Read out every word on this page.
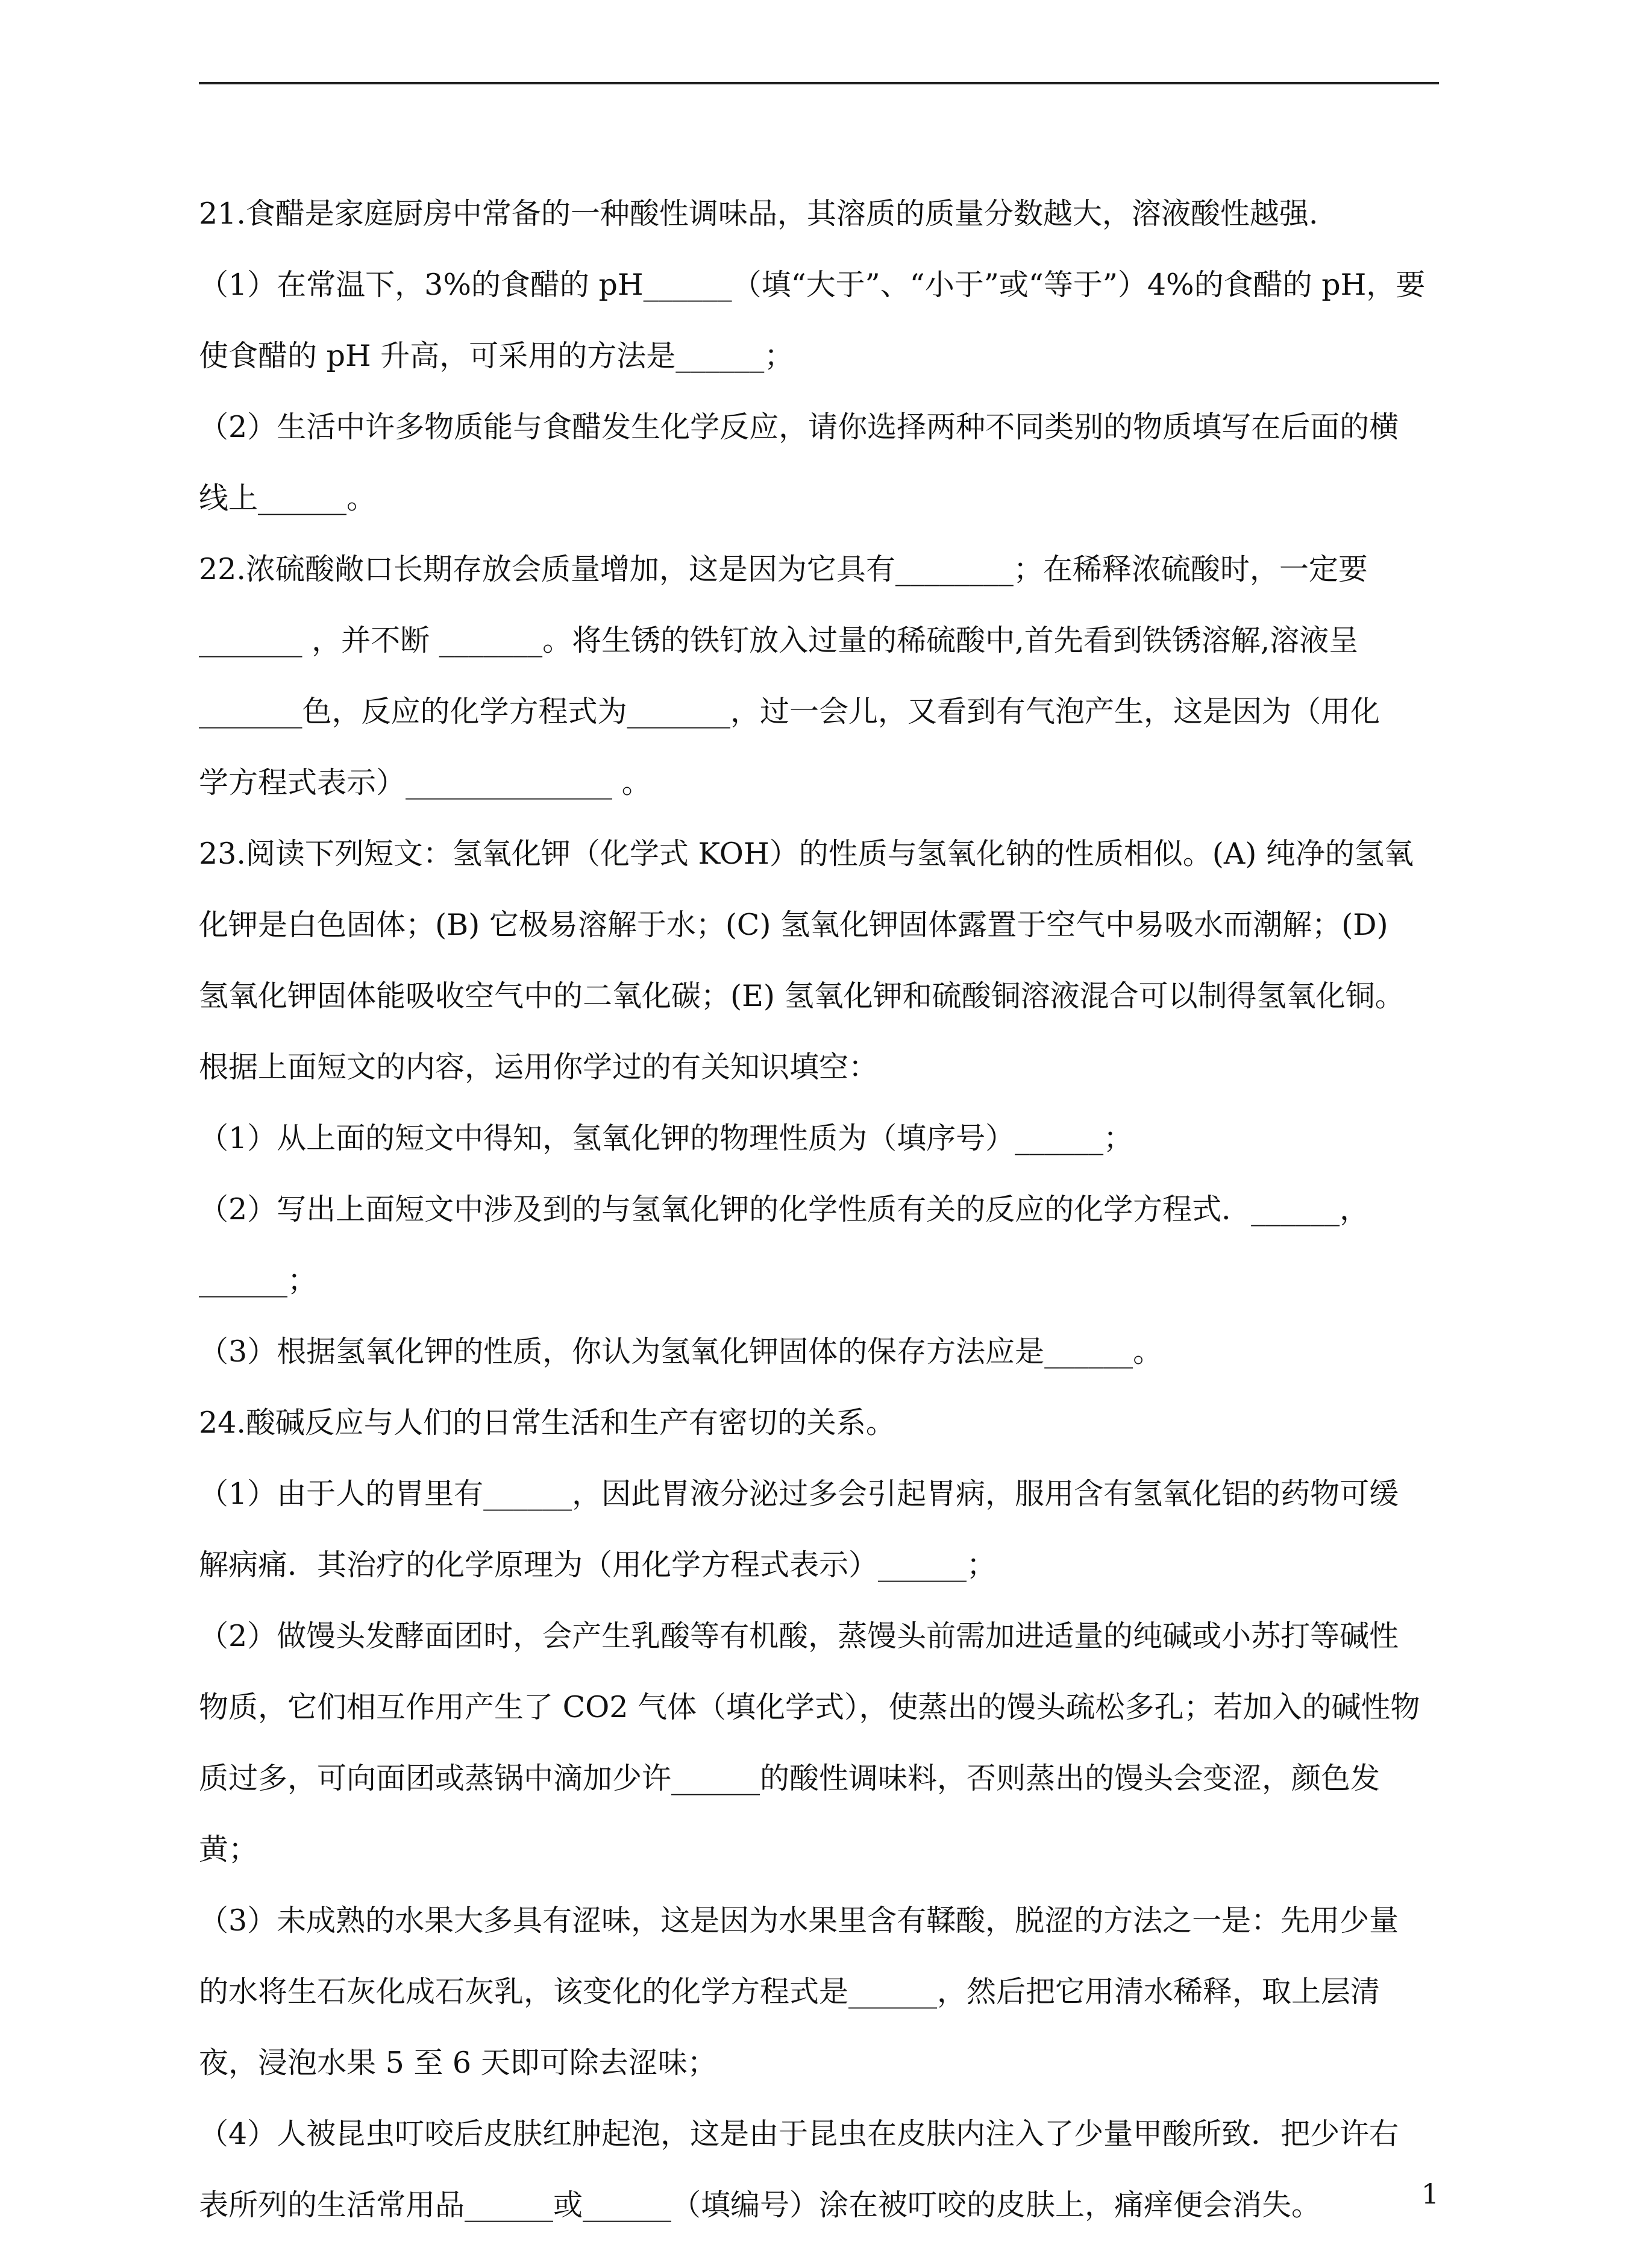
21.食醋是家庭厨房中常备的一种酸性调味品，其溶质的质量分数越大，溶液酸性越强.
（1）在常温下，3%的食醋的 pH______（填“大于”、“小于”或“等于”）4%的食醋的 pH，要
使食醋的 pH 升高，可采用的方法是______；
（2）生活中许多物质能与食醋发生化学反应，请你选择两种不同类别的物质填写在后面的横
线上______。
22.浓硫酸敞口长期存放会质量增加，这是因为它具有________；在稀释浓硫酸时，一定要
_______ ，并不断 _______。将生锈的铁钉放入过量的稀硫酸中,首先看到铁锈溶解,溶液呈
_______色，反应的化学方程式为_______，过一会儿，又看到有气泡产生，这是因为（用化
学方程式表示）______________ 。
23.阅读下列短文：氢氧化钾（化学式 KOH）的性质与氢氧化钠的性质相似。(A) 纯净的氢氧
化钾是白色固体；(B) 它极易溶解于水；(C) 氢氧化钾固体露置于空气中易吸水而潮解；(D)
氢氧化钾固体能吸收空气中的二氧化碳；(E) 氢氧化钾和硫酸铜溶液混合可以制得氢氧化铜。
根据上面短文的内容，运用你学过的有关知识填空：
（1）从上面的短文中得知，氢氧化钾的物理性质为（填序号）______；
（2）写出上面短文中涉及到的与氢氧化钾的化学性质有关的反应的化学方程式．______，
______；
（3）根据氢氧化钾的性质，你认为氢氧化钾固体的保存方法应是______。
24.酸碱反应与人们的日常生活和生产有密切的关系。
（1）由于人的胃里有______，因此胃液分泌过多会引起胃病，服用含有氢氧化铝的药物可缓
解病痛．其治疗的化学原理为（用化学方程式表示）______；
（2）做馒头发酵面团时，会产生乳酸等有机酸，蒸馒头前需加进适量的纯碱或小苏打等碱性
物质，它们相互作用产生了 CO2 气体（填化学式），使蒸出的馒头疏松多孔；若加入的碱性物
质过多，可向面团或蒸锅中滴加少许______的酸性调味料，否则蒸出的馒头会变涩，颜色发
黄；
（3）未成熟的水果大多具有涩味，这是因为水果里含有鞣酸，脱涩的方法之一是：先用少量
的水将生石灰化成石灰乳，该变化的化学方程式是______，然后把它用清水稀释，取上层清
夜，浸泡水果 5 至 6 天即可除去涩味；
（4）人被昆虫叮咬后皮肤红肿起泡，这是由于昆虫在皮肤内注入了少量甲酸所致．把少许右
表所列的生活常用品______或______（填编号）涂在被叮咬的皮肤上，痛痒便会消失。	1
